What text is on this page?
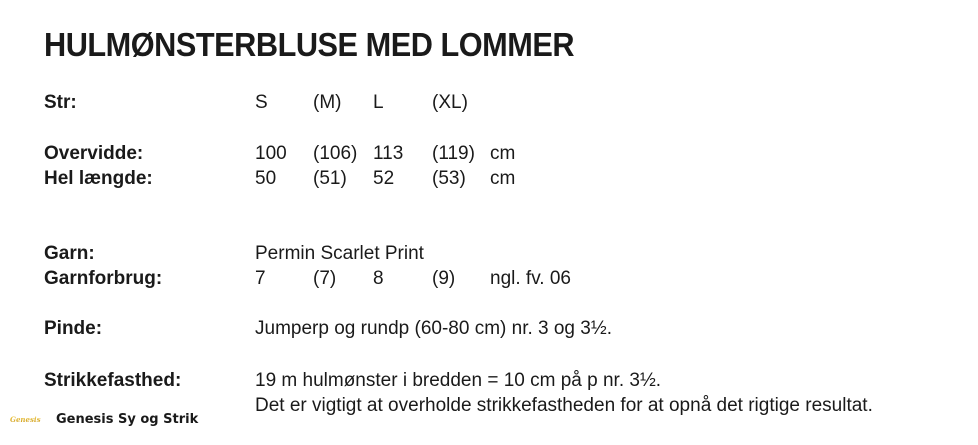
HULMØNSTERBLUSE MED LOMMER
Str:	S (M) L	(XL)
Overvidde:	100 (106) 113 (119) cm
Hel længde:	50 (51) 52 (53) cm
Garn:	Permin Scarlet Print
Garnforbrug:	7 (7) 8	(9) ngl. fv. 06
Pinde:	Jumperp og rundp (60-80 cm) nr. 3 og 3½.
Strikkefasthed:	19 m hulmønster i bredden = 10 cm på p nr. 3½.
Det er vigtigt at overholde strikkefastheden for at opnå det rigtige resultat.
Genesis	Genesis Sy og Strik
